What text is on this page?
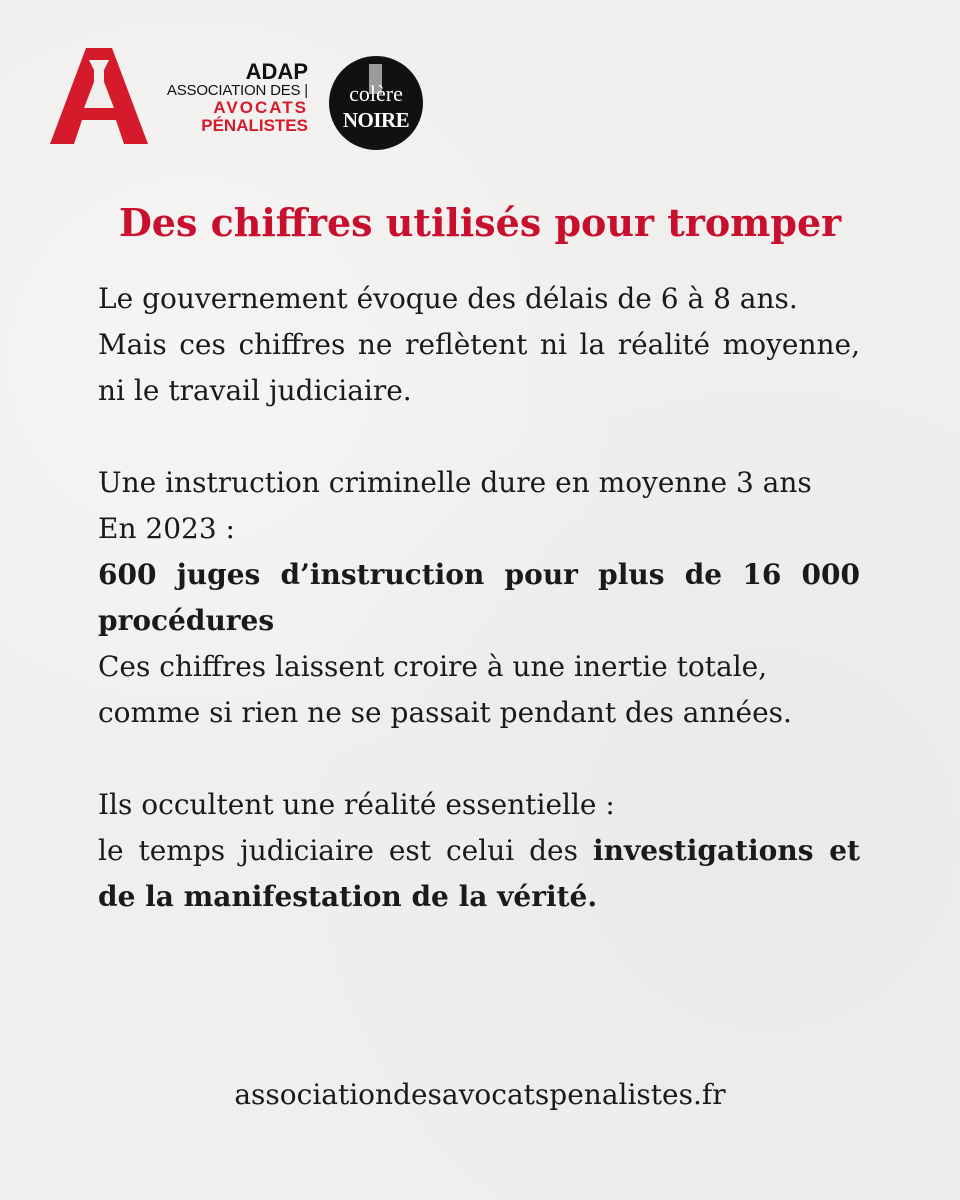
ADAP
ASSOCIATION DES |
AVOCATS
PÉNALISTES
colère
NOIRE
Des chiffres utilisés pour tromper

Le gouvernement évoque des délais de 6 à 8 ans.

Mais ces chiffres ne reflètent ni la réalité moyenne, ni le travail judiciaire.

Une instruction criminelle dure en moyenne 3 ans

En 2023 :

600 juges d’instruction pour plus de 16 000 procédures

Ces chiffres laissent croire à une inertie totale,

comme si rien ne se passait pendant des années.

Ils occultent une réalité essentielle :

le temps judiciaire est celui des investigations et de la manifestation de la vérité.

associationdesavocatspenalistes.fr
